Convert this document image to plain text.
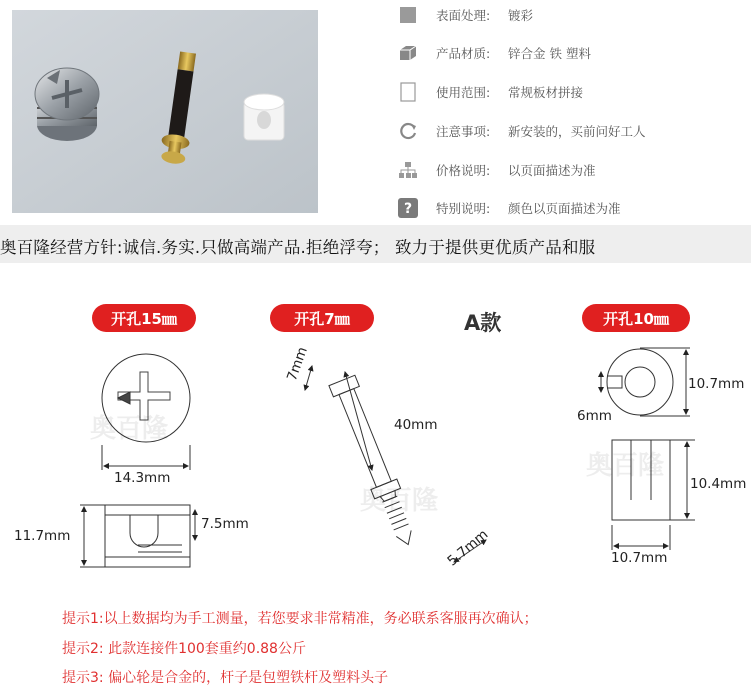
表面处理:	镀彩
产品材质:	锌合金 铁 塑料
使用范围:	常规板材拼接
注意事项:	新安装的，买前问好工人
价格说明:	以页面描述为准
? 特别说明:	颜色以页面描述为准
奥百隆经营方针:诚信.务实.只做高端产品.拒绝浮夸； 致力于提供更优质产品和服
开孔15㎜	开孔7㎜	开孔10㎜
A款
奥百隆
奥百隆
奥百隆
14.3mm
11.7mm
7.5mm
7mm
40mm
5.7mm
10.7mm
6mm
10.4mm
10.7mm
提示1:以上数据均为手工测量，若您要求非常精准，务必联系客服再次确认；
提示2: 此款连接件100套重约0.88公斤
提示3: 偏心轮是合金的，杆子是包塑铁杆及塑料头子
